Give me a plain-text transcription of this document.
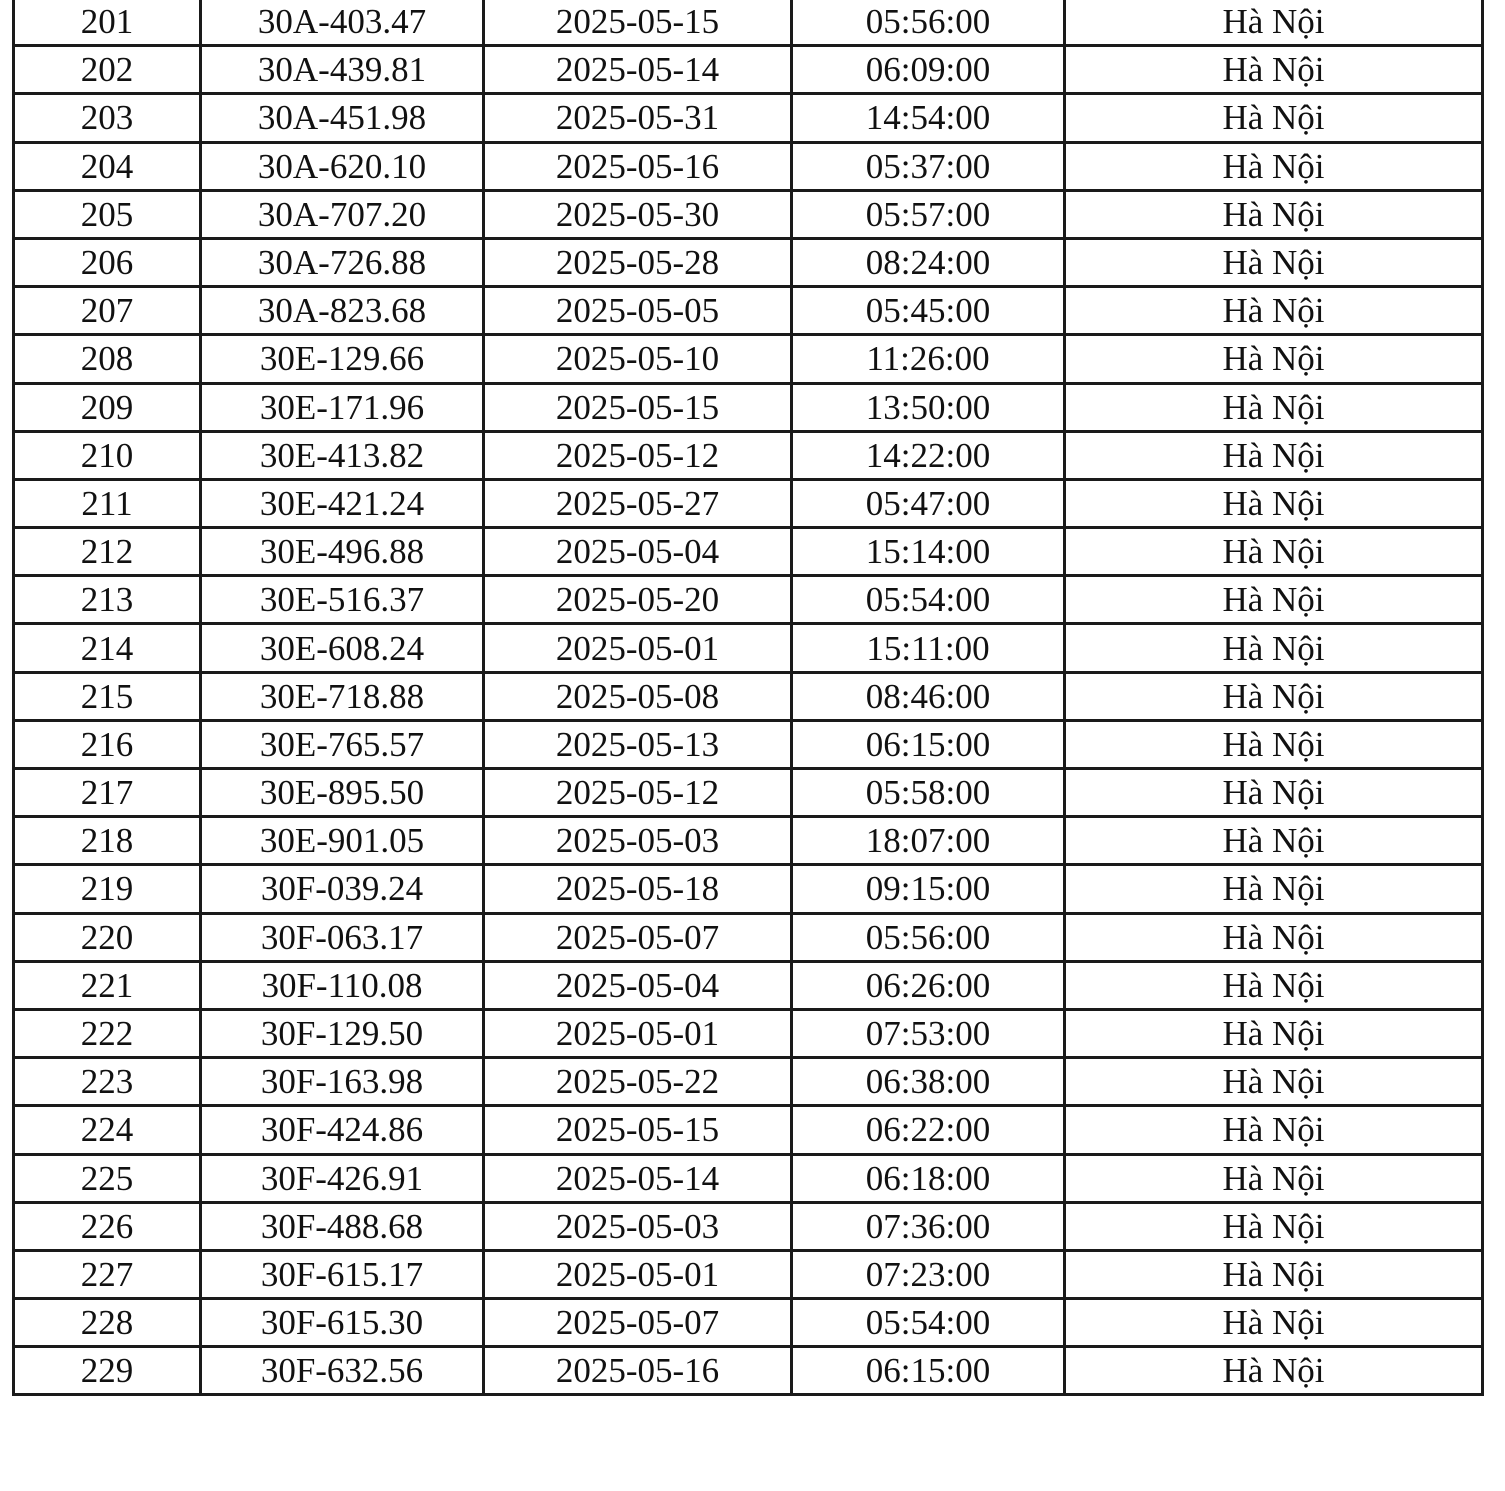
201	30A-403.47	2025-05-15	05:56:00	Hà Nội
202	30A-439.81	2025-05-14	06:09:00	Hà Nội
203	30A-451.98	2025-05-31	14:54:00	Hà Nội
204	30A-620.10	2025-05-16	05:37:00	Hà Nội
205	30A-707.20	2025-05-30	05:57:00	Hà Nội
206	30A-726.88	2025-05-28	08:24:00	Hà Nội
207	30A-823.68	2025-05-05	05:45:00	Hà Nội
208	30E-129.66	2025-05-10	11:26:00	Hà Nội
209	30E-171.96	2025-05-15	13:50:00	Hà Nội
210	30E-413.82	2025-05-12	14:22:00	Hà Nội
211	30E-421.24	2025-05-27	05:47:00	Hà Nội
212	30E-496.88	2025-05-04	15:14:00	Hà Nội
213	30E-516.37	2025-05-20	05:54:00	Hà Nội
214	30E-608.24	2025-05-01	15:11:00	Hà Nội
215	30E-718.88	2025-05-08	08:46:00	Hà Nội
216	30E-765.57	2025-05-13	06:15:00	Hà Nội
217	30E-895.50	2025-05-12	05:58:00	Hà Nội
218	30E-901.05	2025-05-03	18:07:00	Hà Nội
219	30F-039.24	2025-05-18	09:15:00	Hà Nội
220	30F-063.17	2025-05-07	05:56:00	Hà Nội
221	30F-110.08	2025-05-04	06:26:00	Hà Nội
222	30F-129.50	2025-05-01	07:53:00	Hà Nội
223	30F-163.98	2025-05-22	06:38:00	Hà Nội
224	30F-424.86	2025-05-15	06:22:00	Hà Nội
225	30F-426.91	2025-05-14	06:18:00	Hà Nội
226	30F-488.68	2025-05-03	07:36:00	Hà Nội
227	30F-615.17	2025-05-01	07:23:00	Hà Nội
228	30F-615.30	2025-05-07	05:54:00	Hà Nội
229	30F-632.56	2025-05-16	06:15:00	Hà Nội
